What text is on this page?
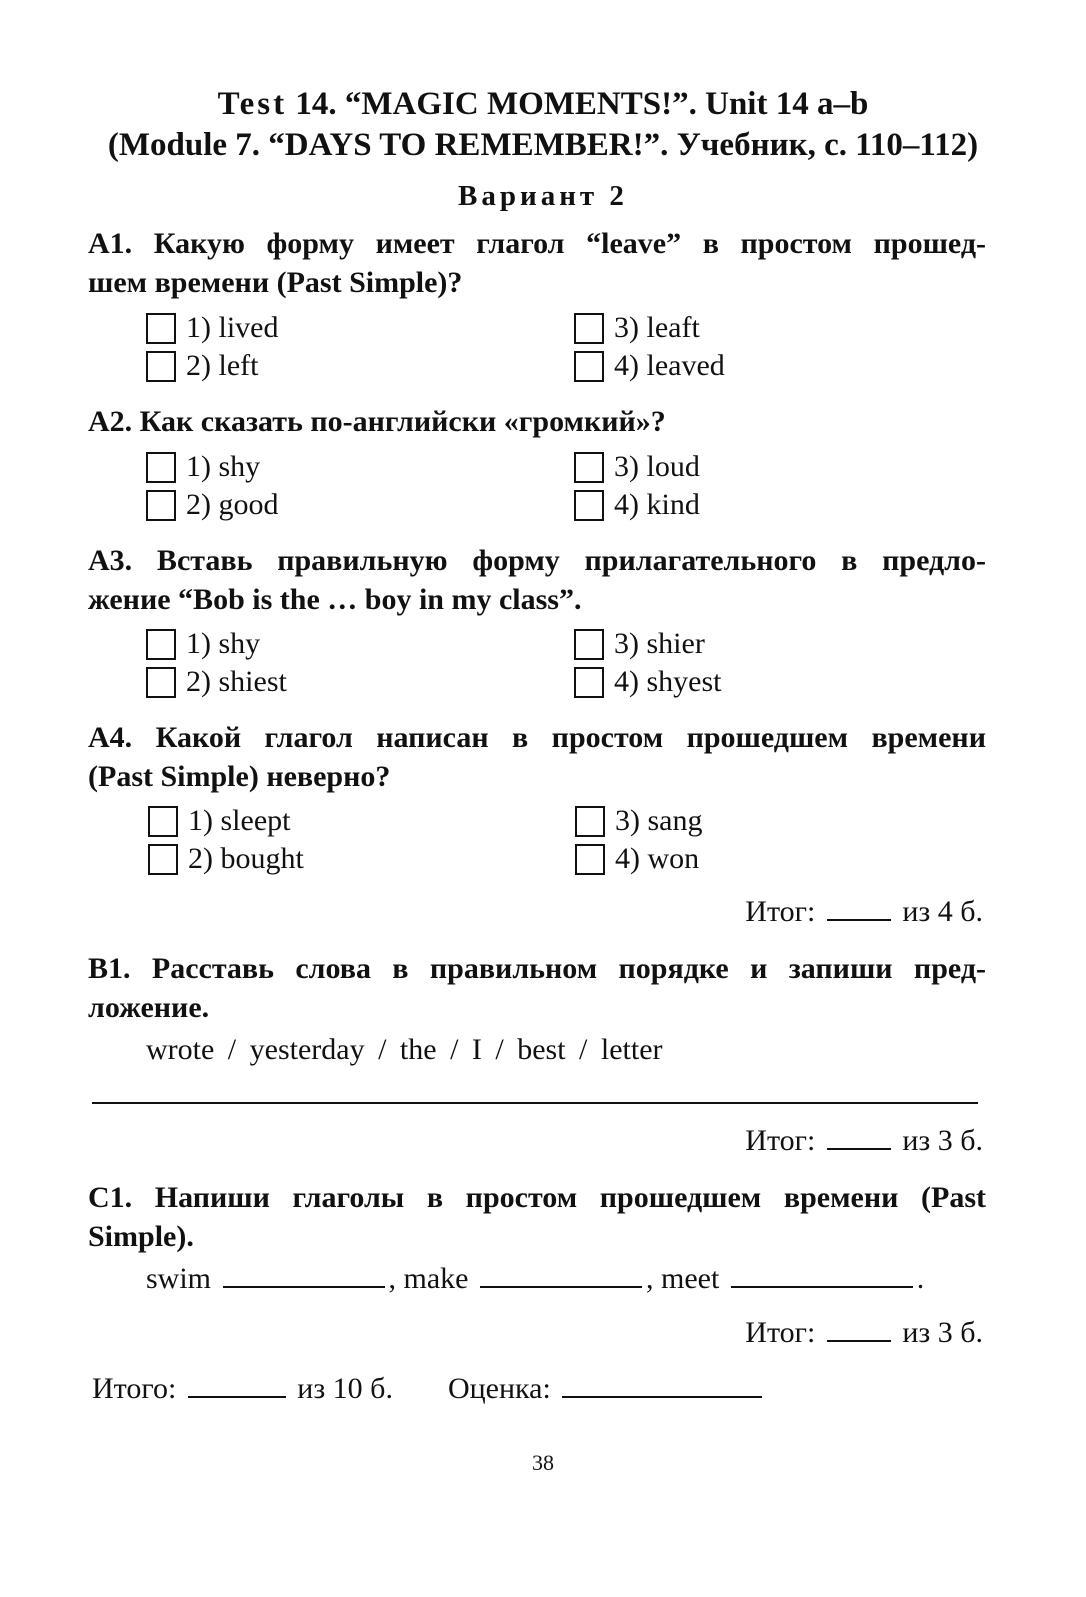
Test 14. “MAGIC MOMENTS!”. Unit 14 a–b
(Module 7. “DAYS TO REMEMBER!”. Учебник, с. 110–112)
Вариант 2
A1. Какую форму имеет глагол “leave” в простом прошед-
шем времени (Past Simple)?
1) lived
2) left
3) leaft
4) leaved
A2. Как сказать по-английски «громкий»?
1) shy
2) good
3) loud
4) kind
A3. Вставь правильную форму прилагательного в предло-
жение “Bob is the … boy in my class”.
1) shy
2) shiest
3) shier
4) shyest
A4. Какой глагол написан в простом прошедшем времени
(Past Simple) неверно?
1) sleept
2) bought
3) sang
4) won
Итог:	из 4 б.
B1. Расставь слова в правильном порядке и запиши пред-
ложение.
wrote / yesterday / the / I / best / letter
Итог:	из 3 б.
C1. Напиши глаголы в простом прошедшем времени (Past
Simple).
swim	, make	, meet	.
Итог:	из 3 б.
Итого:	из 10 б. Оценка:
38
